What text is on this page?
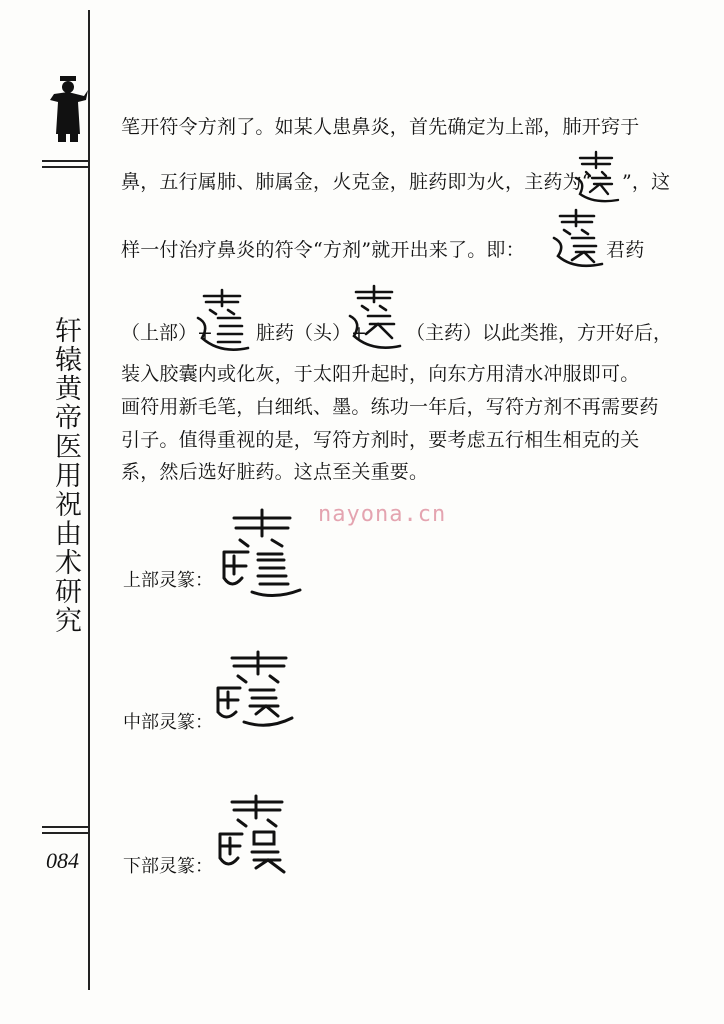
轩辕黄帝医用祝由术研究
084
笔开符令方剂了。如某人患鼻炎，首先确定为上部，肺开窍于
鼻，五行属肺、肺属金，火克金，脏药即为火，主药为“ ”，这
样一付治疗鼻炎的符令“方剂”就开出来了。即：	君药
（上部）+ 脏药（头）+ （主药）以此类推，方开好后，
装入胶囊内或化灰，于太阳升起时，向东方用清水冲服即可。
画符用新毛笔，白细纸、墨。练功一年后，写符方剂不再需要药
引子。值得重视的是，写符方剂时，要考虑五行相生相克的关
系，然后选好脏药。这点至关重要。
nayona.cn
上部灵篆：
中部灵篆：
下部灵篆：
